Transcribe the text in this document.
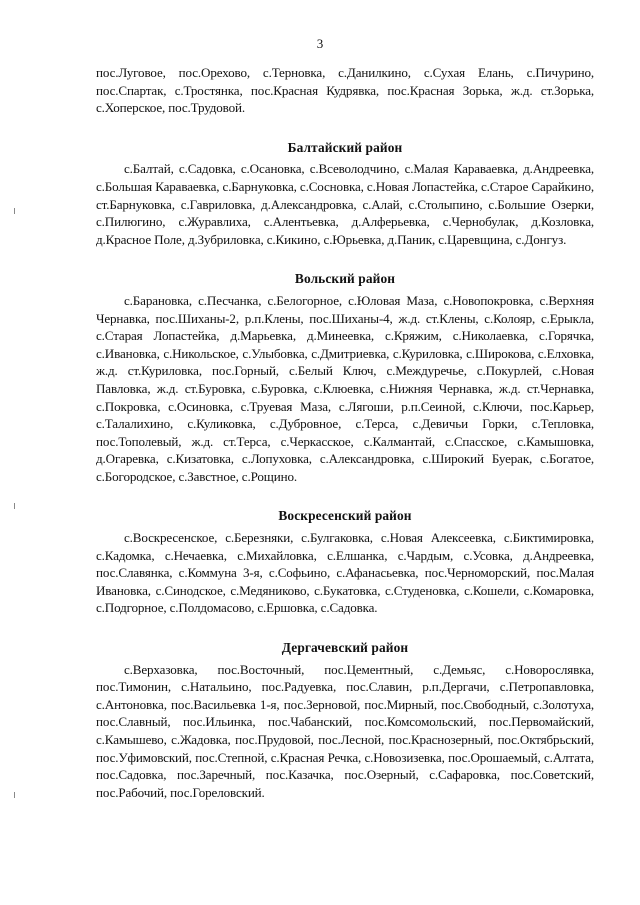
3

пос.Луговое, пос.Орехово, с.Терновка, с.Данилкино, с.Сухая Елань, с.Пичурино, пос.Спартак, с.Тростянка, пос.Красная Кудрявка, пос.Красная Зорька, ж.д. ст.Зорька, с.Хоперское, пос.Трудовой.

Балтайский район

с.Балтай, с.Садовка, с.Осановка, с.Всеволодчино, с.Малая Караваевка, д.Андреевка, с.Большая Караваевка, с.Барнуковка, с.Сосновка, с.Новая Лопастейка, с.Старое Сарайкино, ст.Барнуковка, с.Гавриловка, д.Александровка, с.Алай, с.Столыпино, с.Большие Озерки, с.Пилюгино, с.Журавлиха, с.Алентьевка, д.Алферьевка, с.Чернобулак, д.Козловка, д.Красное Поле, д.Зубриловка, с.Кикино, с.Юрьевка, д.Паник, с.Царевщина, с.Донгуз.

Вольский район

с.Барановка, с.Песчанка, с.Белогорное, с.Юловая Маза, с.Новопокровка, с.Верхняя Чернавка, пос.Шиханы-2, р.п.Клены, пос.Шиханы-4, ж.д. ст.Клены, с.Колояр, с.Ерыкла, с.Старая Лопастейка, д.Марьевка, д.Минеевка, с.Кряжим, с.Николаевка, с.Горячка, с.Ивановка, с.Никольское, с.Улыбовка, с.Дмитриевка, с.Куриловка, с.Широкова, с.Елховка, ж.д. ст.Куриловка, пос.Горный, с.Белый Ключ, с.Междуречье, с.Покурлей, с.Новая Павловка, ж.д. ст.Буровка, с.Буровка, с.Клюевка, с.Нижняя Чернавка, ж.д. ст.Чернавка, с.Покровка, с.Осиновка, с.Труевая Маза, с.Лягоши, р.п.Сеиной, с.Ключи, пос.Карьер, с.Талалихино, с.Куликовка, с.Дубровное, с.Терса, с.Девичьи Горки, с.Тепловка, пос.Тополевый, ж.д. ст.Терса, с.Черкасское, с.Калмантай, с.Спасское, с.Камышовка, д.Огаревка, с.Кизатовка, с.Лопуховка, с.Александровка, с.Широкий Буерак, с.Богатое, с.Богородское, с.Завстное, с.Рощино.

Воскресенский район

с.Воскресенское, с.Березняки, с.Булгаковка, с.Новая Алексеевка, с.Биктимировка, с.Кадомка, с.Нечаевка, с.Михайловка, с.Елшанка, с.Чардым, с.Усовка, д.Андреевка, пос.Славянка, с.Коммуна 3-я, с.Софьино, с.Афанасьевка, пос.Черноморский, пос.Малая Ивановка, с.Синодское, с.Медяниково, с.Букатовка, с.Студеновка, с.Кошели, с.Комаровка, с.Подгорное, с.Полдомасово, с.Ершовка, с.Садовка.

Дергачевский район

с.Верхазовка, пос.Восточный, пос.Цементный, с.Демьяс, с.Новорослявка, пос.Тимонин, с.Натальино, пос.Радуевка, пос.Славин, р.п.Дергачи, с.Петропавловка, с.Антоновка, пос.Васильевка 1-я, пос.Зерновой, пос.Мирный, пос.Свободный, с.Золотуха, пос.Славный, пос.Ильинка, пос.Чабанский, пос.Комсомольский, пос.Первомайский, с.Камышево, с.Жадовка, пос.Прудовой, пос.Лесной, пос.Краснозерный, пос.Октябрьский, пос.Уфимовский, пос.Степной, с.Красная Речка, с.Новозизевка, пос.Орошаемый, с.Алтата, пос.Садовка, пос.Заречный, пос.Казачка, пос.Озерный, с.Сафаровка, пос.Советский, пос.Рабочий, пос.Гореловский.
